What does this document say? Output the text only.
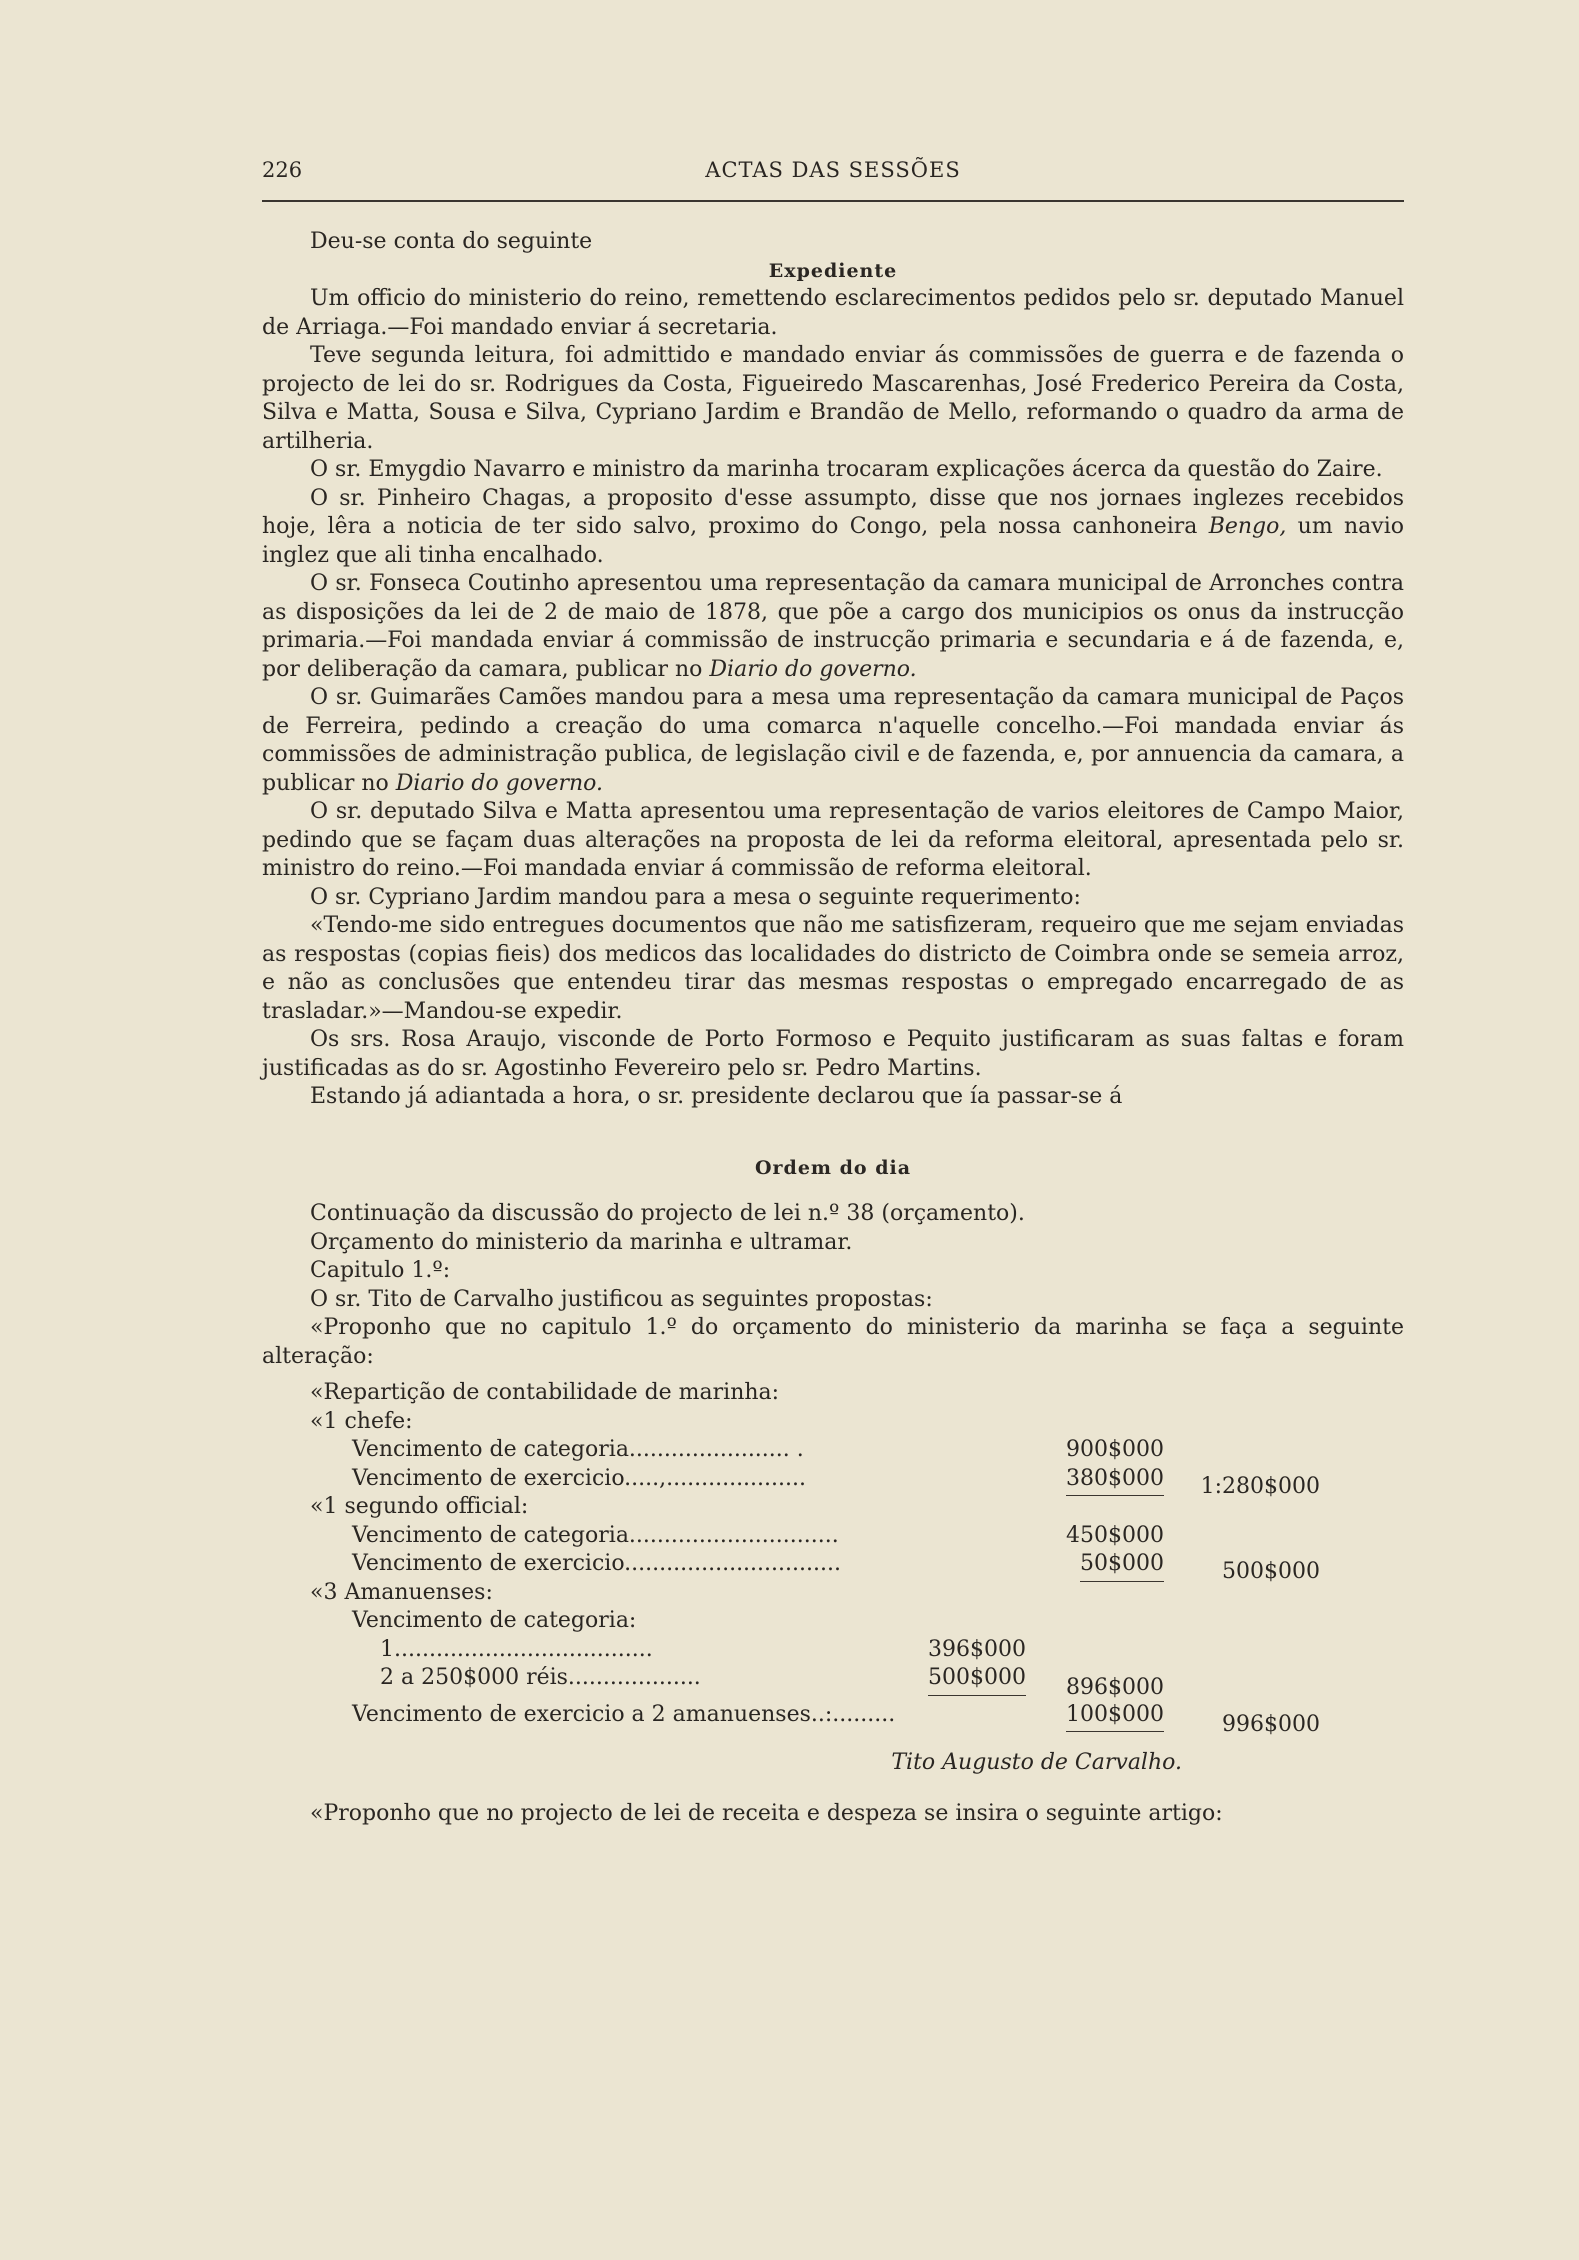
226	ACTAS DAS SESSÕES

Deu-se conta do seguinte

Expediente

Um officio do ministerio do reino, remettendo esclarecimentos pedidos pelo sr. deputado Manuel de Arriaga.—Foi mandado enviar á secretaria.

Teve segunda leitura, foi admittido e mandado enviar ás commissões de guerra e de fazenda o projecto de lei do sr. Rodrigues da Costa, Figueiredo Mascarenhas, José Frederico Pereira da Costa, Silva e Matta, Sousa e Silva, Cypriano Jardim e Brandão de Mello, reformando o quadro da arma de artilheria.

O sr. Emygdio Navarro e ministro da marinha trocaram explicações ácerca da questão do Zaire.

O sr. Pinheiro Chagas, a proposito d'esse assumpto, disse que nos jornaes inglezes recebidos hoje, lêra a noticia de ter sido salvo, proximo do Congo, pela nossa canhoneira Bengo, um navio inglez que ali tinha encalhado.

O sr. Fonseca Coutinho apresentou uma representação da camara municipal de Arronches contra as disposições da lei de 2 de maio de 1878, que põe a cargo dos municipios os onus da instrucção primaria.—Foi mandada enviar á commissão de instrucção primaria e secundaria e á de fazenda, e, por deliberação da camara, publicar no Diario do governo.

O sr. Guimarães Camões mandou para a mesa uma representação da camara municipal de Paços de Ferreira, pedindo a creação do uma comarca n'aquelle concelho.—Foi mandada enviar ás commissões de administração publica, de legislação civil e de fazenda, e, por annuencia da camara, a publicar no Diario do governo.

O sr. deputado Silva e Matta apresentou uma representação de varios eleitores de Campo Maior, pedindo que se façam duas alterações na proposta de lei da reforma eleitoral, apresentada pelo sr. ministro do reino.—Foi mandada enviar á commissão de reforma eleitoral.

O sr. Cypriano Jardim mandou para a mesa o seguinte requerimento:

«Tendo-me sido entregues documentos que não me satisfizeram, requeiro que me sejam enviadas as respostas (copias fieis) dos medicos das localidades do districto de Coimbra onde se semeia arroz, e não as conclusões que entendeu tirar das mesmas respostas o empregado encarregado de as trasladar.»—Mandou-se expedir.

Os srs. Rosa Araujo, visconde de Porto Formoso e Pequito justificaram as suas faltas e foram justificadas as do sr. Agostinho Fevereiro pelo sr. Pedro Martins.

Estando já adiantada a hora, o sr. presidente declarou que ía passar-se á

Ordem do dia

Continuação da discussão do projecto de lei n.º 38 (orçamento).

Orçamento do ministerio da marinha e ultramar.

Capitulo 1.º:

O sr. Tito de Carvalho justificou as seguintes propostas:

«Proponho que no capitulo 1.º do orçamento do ministerio da marinha se faça a seguinte alteração:

«Repartição de contabilidade de marinha:

«1 chefe:
Vencimento de categoria....................... .	900$000
Vencimento de exercicio.....,....................	380$000 1:280$000
«1 segundo official:
Vencimento de categoria..............................	450$000
Vencimento de exercicio...............................	50$000	500$000
«3 Amanuenses:
Vencimento de categoria:
1.....................................	396$000
2 a 250$000 réis...................	500$000 896$000
Vencimento de exercicio a 2 amanuenses..:.........	100$000	996$000

Tito Augusto de Carvalho.

«Proponho que no projecto de lei de receita e despeza se insira o seguinte artigo:
